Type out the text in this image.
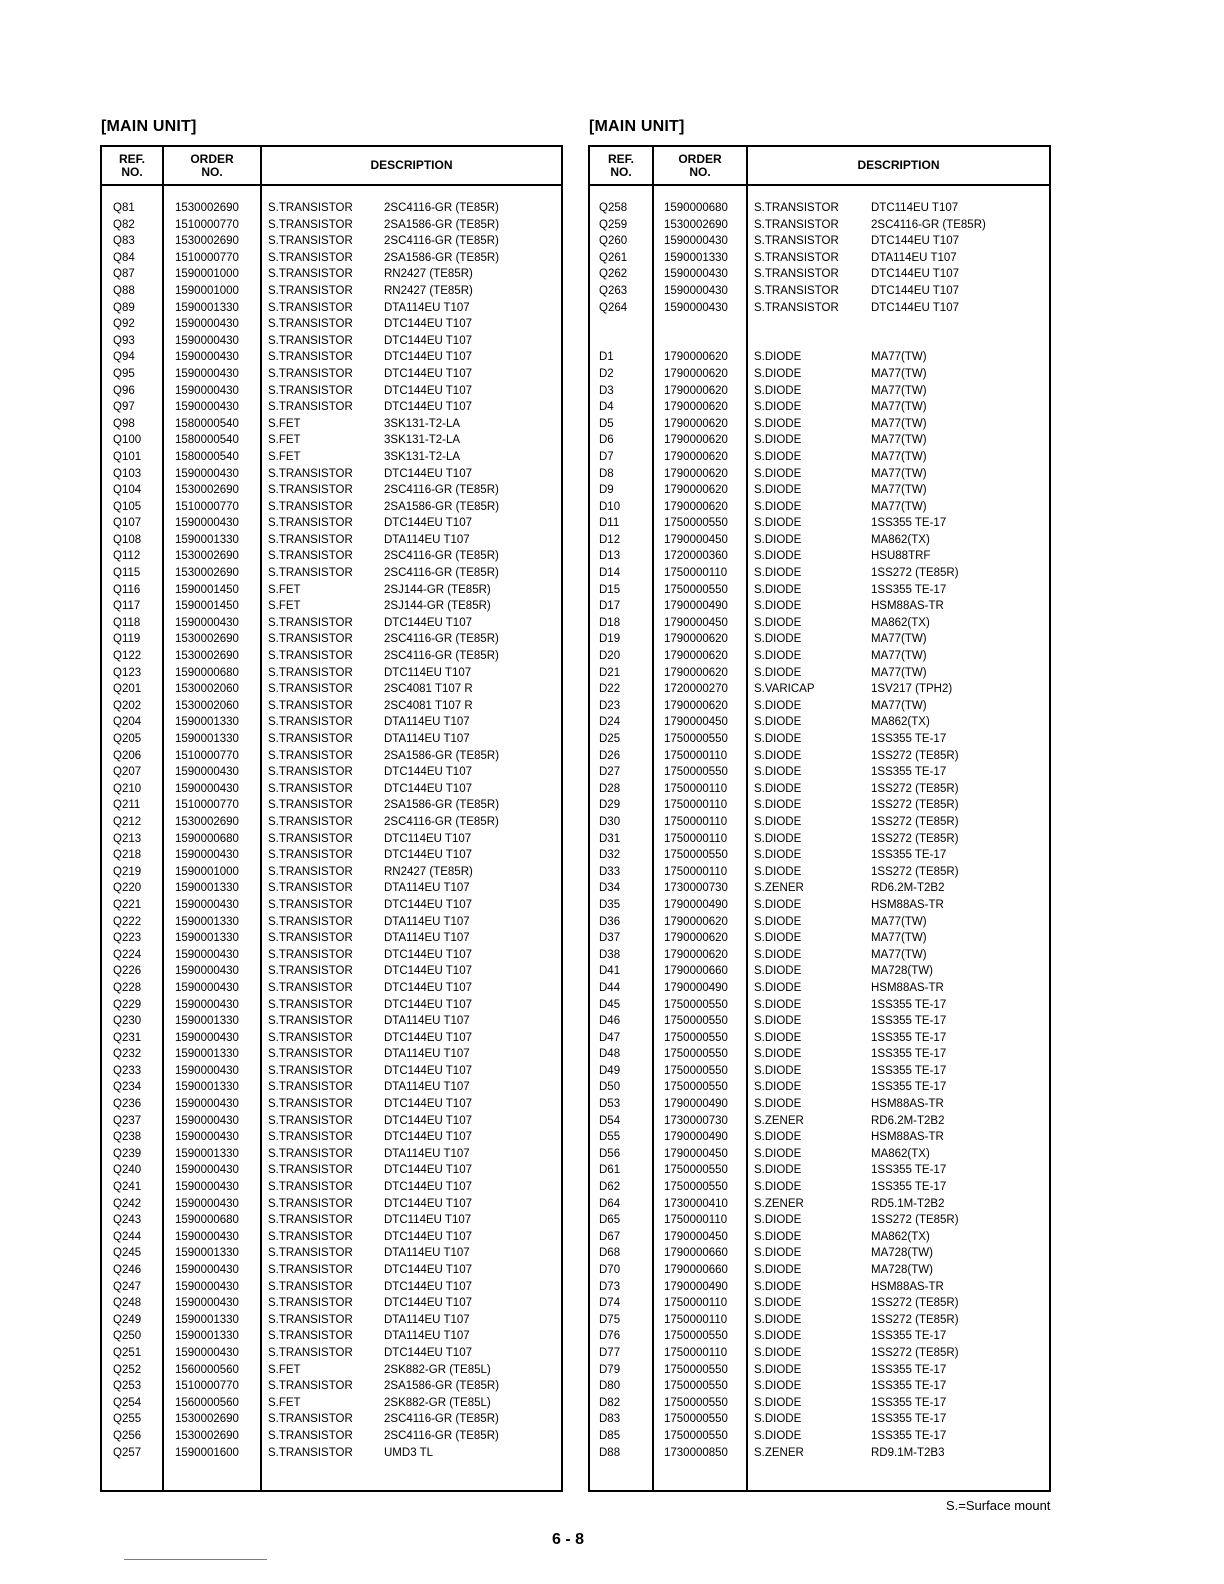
[MAIN UNIT]
REF.
NO.
ORDER
NO.	DESCRIPTION
Q81	1530002690	S.TRANSISTOR	2SC4116-GR (TE85R)
Q82	1510000770	S.TRANSISTOR	2SA1586-GR (TE85R)
Q83	1530002690	S.TRANSISTOR	2SC4116-GR (TE85R)
Q84	1510000770	S.TRANSISTOR	2SA1586-GR (TE85R)
Q87	1590001000	S.TRANSISTOR	RN2427 (TE85R)
Q88	1590001000	S.TRANSISTOR	RN2427 (TE85R)
Q89	1590001330	S.TRANSISTOR	DTA114EU T107
Q92	1590000430	S.TRANSISTOR	DTC144EU T107
Q93	1590000430	S.TRANSISTOR	DTC144EU T107
Q94	1590000430	S.TRANSISTOR	DTC144EU T107
Q95	1590000430	S.TRANSISTOR	DTC144EU T107
Q96	1590000430	S.TRANSISTOR	DTC144EU T107
Q97	1590000430	S.TRANSISTOR	DTC144EU T107
Q98	1580000540	S.FET	3SK131-T2-LA
Q100	1580000540	S.FET	3SK131-T2-LA
Q101	1580000540	S.FET	3SK131-T2-LA
Q103	1590000430	S.TRANSISTOR	DTC144EU T107
Q104	1530002690	S.TRANSISTOR	2SC4116-GR (TE85R)
Q105	1510000770	S.TRANSISTOR	2SA1586-GR (TE85R)
Q107	1590000430	S.TRANSISTOR	DTC144EU T107
Q108	1590001330	S.TRANSISTOR	DTA114EU T107
Q112	1530002690	S.TRANSISTOR	2SC4116-GR (TE85R)
Q115	1530002690	S.TRANSISTOR	2SC4116-GR (TE85R)
Q116	1590001450	S.FET	2SJ144-GR (TE85R)
Q117	1590001450	S.FET	2SJ144-GR (TE85R)
Q118	1590000430	S.TRANSISTOR	DTC144EU T107
Q119	1530002690	S.TRANSISTOR	2SC4116-GR (TE85R)
Q122	1530002690	S.TRANSISTOR	2SC4116-GR (TE85R)
Q123	1590000680	S.TRANSISTOR	DTC114EU T107
Q201	1530002060	S.TRANSISTOR	2SC4081 T107 R
Q202	1530002060	S.TRANSISTOR	2SC4081 T107 R
Q204	1590001330	S.TRANSISTOR	DTA114EU T107
Q205	1590001330	S.TRANSISTOR	DTA114EU T107
Q206	1510000770	S.TRANSISTOR	2SA1586-GR (TE85R)
Q207	1590000430	S.TRANSISTOR	DTC144EU T107
Q210	1590000430	S.TRANSISTOR	DTC144EU T107
Q211	1510000770	S.TRANSISTOR	2SA1586-GR (TE85R)
Q212	1530002690	S.TRANSISTOR	2SC4116-GR (TE85R)
Q213	1590000680	S.TRANSISTOR	DTC114EU T107
Q218	1590000430	S.TRANSISTOR	DTC144EU T107
Q219	1590001000	S.TRANSISTOR	RN2427 (TE85R)
Q220	1590001330	S.TRANSISTOR	DTA114EU T107
Q221	1590000430	S.TRANSISTOR	DTC144EU T107
Q222	1590001330	S.TRANSISTOR	DTA114EU T107
Q223	1590001330	S.TRANSISTOR	DTA114EU T107
Q224	1590000430	S.TRANSISTOR	DTC144EU T107
Q226	1590000430	S.TRANSISTOR	DTC144EU T107
Q228	1590000430	S.TRANSISTOR	DTC144EU T107
Q229	1590000430	S.TRANSISTOR	DTC144EU T107
Q230	1590001330	S.TRANSISTOR	DTA114EU T107
Q231	1590000430	S.TRANSISTOR	DTC144EU T107
Q232	1590001330	S.TRANSISTOR	DTA114EU T107
Q233	1590000430	S.TRANSISTOR	DTC144EU T107
Q234	1590001330	S.TRANSISTOR	DTA114EU T107
Q236	1590000430	S.TRANSISTOR	DTC144EU T107
Q237	1590000430	S.TRANSISTOR	DTC144EU T107
Q238	1590000430	S.TRANSISTOR	DTC144EU T107
Q239	1590001330	S.TRANSISTOR	DTA114EU T107
Q240	1590000430	S.TRANSISTOR	DTC144EU T107
Q241	1590000430	S.TRANSISTOR	DTC144EU T107
Q242	1590000430	S.TRANSISTOR	DTC144EU T107
Q243	1590000680	S.TRANSISTOR	DTC114EU T107
Q244	1590000430	S.TRANSISTOR	DTC144EU T107
Q245	1590001330	S.TRANSISTOR	DTA114EU T107
Q246	1590000430	S.TRANSISTOR	DTC144EU T107
Q247	1590000430	S.TRANSISTOR	DTC144EU T107
Q248	1590000430	S.TRANSISTOR	DTC144EU T107
Q249	1590001330	S.TRANSISTOR	DTA114EU T107
Q250	1590001330	S.TRANSISTOR	DTA114EU T107
Q251	1590000430	S.TRANSISTOR	DTC144EU T107
Q252	1560000560	S.FET	2SK882-GR (TE85L)
Q253	1510000770	S.TRANSISTOR	2SA1586-GR (TE85R)
Q254	1560000560	S.FET	2SK882-GR (TE85L)
Q255	1530002690	S.TRANSISTOR	2SC4116-GR (TE85R)
Q256	1530002690	S.TRANSISTOR	2SC4116-GR (TE85R)
Q257	1590001600	S.TRANSISTOR	UMD3 TL
[MAIN UNIT]
REF.
NO.
ORDER
NO.	DESCRIPTION
Q258	1590000680 S.TRANSISTOR	DTC114EU T107
Q259	1530002690 S.TRANSISTOR	2SC4116-GR (TE85R)
Q260	1590000430 S.TRANSISTOR	DTC144EU T107
Q261	1590001330 S.TRANSISTOR	DTA114EU T107
Q262	1590000430 S.TRANSISTOR	DTC144EU T107
Q263	1590000430 S.TRANSISTOR	DTC144EU T107
Q264	1590000430 S.TRANSISTOR	DTC144EU T107
D1	1790000620 S.DIODE	MA77(TW)
D2	1790000620 S.DIODE	MA77(TW)
D3	1790000620 S.DIODE	MA77(TW)
D4	1790000620 S.DIODE	MA77(TW)
D5	1790000620 S.DIODE	MA77(TW)
D6	1790000620 S.DIODE	MA77(TW)
D7	1790000620 S.DIODE	MA77(TW)
D8	1790000620 S.DIODE	MA77(TW)
D9	1790000620 S.DIODE	MA77(TW)
D10	1790000620 S.DIODE	MA77(TW)
D11	1750000550 S.DIODE	1SS355 TE-17
D12	1790000450 S.DIODE	MA862(TX)
D13	1720000360 S.DIODE	HSU88TRF
D14	1750000110 S.DIODE	1SS272 (TE85R)
D15	1750000550 S.DIODE	1SS355 TE-17
D17	1790000490 S.DIODE	HSM88AS-TR
D18	1790000450 S.DIODE	MA862(TX)
D19	1790000620 S.DIODE	MA77(TW)
D20	1790000620 S.DIODE	MA77(TW)
D21	1790000620 S.DIODE	MA77(TW)
D22	1720000270 S.VARICAP	1SV217 (TPH2)
D23	1790000620 S.DIODE	MA77(TW)
D24	1790000450 S.DIODE	MA862(TX)
D25	1750000550 S.DIODE	1SS355 TE-17
D26	1750000110 S.DIODE	1SS272 (TE85R)
D27	1750000550 S.DIODE	1SS355 TE-17
D28	1750000110 S.DIODE	1SS272 (TE85R)
D29	1750000110 S.DIODE	1SS272 (TE85R)
D30	1750000110 S.DIODE	1SS272 (TE85R)
D31	1750000110 S.DIODE	1SS272 (TE85R)
D32	1750000550 S.DIODE	1SS355 TE-17
D33	1750000110 S.DIODE	1SS272 (TE85R)
D34	1730000730 S.ZENER	RD6.2M-T2B2
D35	1790000490 S.DIODE	HSM88AS-TR
D36	1790000620 S.DIODE	MA77(TW)
D37	1790000620 S.DIODE	MA77(TW)
D38	1790000620 S.DIODE	MA77(TW)
D41	1790000660 S.DIODE	MA728(TW)
D44	1790000490 S.DIODE	HSM88AS-TR
D45	1750000550 S.DIODE	1SS355 TE-17
D46	1750000550 S.DIODE	1SS355 TE-17
D47	1750000550 S.DIODE	1SS355 TE-17
D48	1750000550 S.DIODE	1SS355 TE-17
D49	1750000550 S.DIODE	1SS355 TE-17
D50	1750000550 S.DIODE	1SS355 TE-17
D53	1790000490 S.DIODE	HSM88AS-TR
D54	1730000730 S.ZENER	RD6.2M-T2B2
D55	1790000490 S.DIODE	HSM88AS-TR
D56	1790000450 S.DIODE	MA862(TX)
D61	1750000550 S.DIODE	1SS355 TE-17
D62	1750000550 S.DIODE	1SS355 TE-17
D64	1730000410 S.ZENER	RD5.1M-T2B2
D65	1750000110 S.DIODE	1SS272 (TE85R)
D67	1790000450 S.DIODE	MA862(TX)
D68	1790000660 S.DIODE	MA728(TW)
D70	1790000660 S.DIODE	MA728(TW)
D73	1790000490 S.DIODE	HSM88AS-TR
D74	1750000110 S.DIODE	1SS272 (TE85R)
D75	1750000110 S.DIODE	1SS272 (TE85R)
D76	1750000550 S.DIODE	1SS355 TE-17
D77	1750000110 S.DIODE	1SS272 (TE85R)
D79	1750000550 S.DIODE	1SS355 TE-17
D80	1750000550 S.DIODE	1SS355 TE-17
D82	1750000550 S.DIODE	1SS355 TE-17
D83	1750000550 S.DIODE	1SS355 TE-17
D85	1750000550 S.DIODE	1SS355 TE-17
D88	1730000850 S.ZENER	RD9.1M-T2B3
S.=Surface mount
6 - 8
